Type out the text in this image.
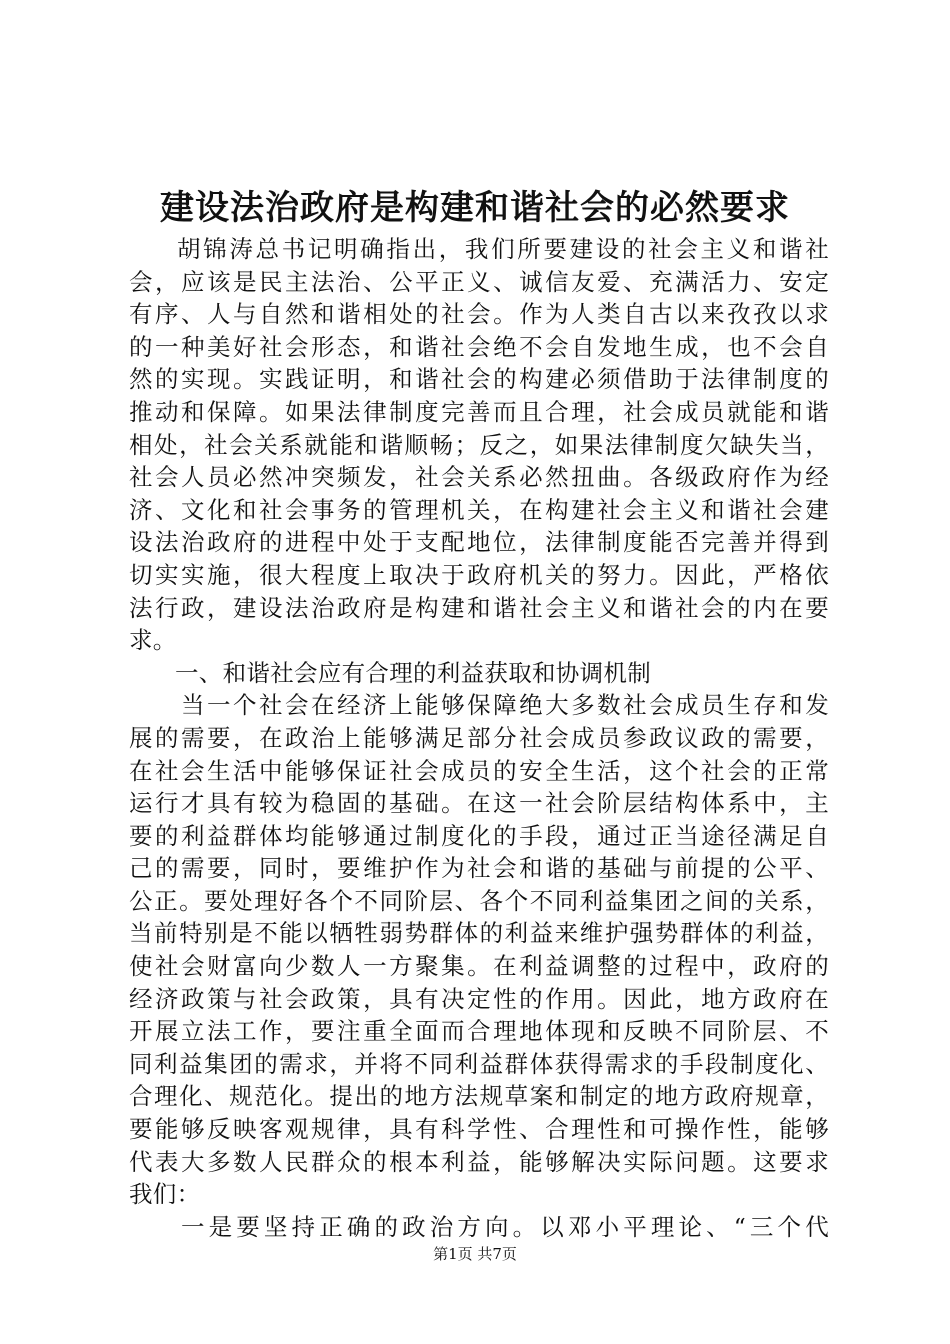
建设法治政府是构建和谐社会的必然要求
胡锦涛总书记明确指出，我们所要建设的社会主义和谐社
会，应该是民主法治、公平正义、诚信友爱、充满活力、安定
有序、人与自然和谐相处的社会。作为人类自古以来孜孜以求
的一种美好社会形态，和谐社会绝不会自发地生成，也不会自
然的实现。实践证明，和谐社会的构建必须借助于法律制度的
推动和保障。如果法律制度完善而且合理，社会成员就能和谐
相处，社会关系就能和谐顺畅；反之，如果法律制度欠缺失当，
社会人员必然冲突频发，社会关系必然扭曲。各级政府作为经
济、文化和社会事务的管理机关，在构建社会主义和谐社会建
设法治政府的进程中处于支配地位，法律制度能否完善并得到
切实实施，很大程度上取决于政府机关的努力。因此，严格依
法行政，建设法治政府是构建和谐社会主义和谐社会的内在要
求。
一、和谐社会应有合理的利益获取和协调机制
当一个社会在经济上能够保障绝大多数社会成员生存和发
展的需要，在政治上能够满足部分社会成员参政议政的需要，
在社会生活中能够保证社会成员的安全生活，这个社会的正常
运行才具有较为稳固的基础。在这一社会阶层结构体系中，主
要的利益群体均能够通过制度化的手段，通过正当途径满足自
己的需要，同时，要维护作为社会和谐的基础与前提的公平、
公正。要处理好各个不同阶层、各个不同利益集团之间的关系，
当前特别是不能以牺牲弱势群体的利益来维护强势群体的利益，
使社会财富向少数人一方聚集。在利益调整的过程中，政府的
经济政策与社会政策，具有决定性的作用。因此，地方政府在
开展立法工作，要注重全面而合理地体现和反映不同阶层、不
同利益集团的需求，并将不同利益群体获得需求的手段制度化、
合理化、规范化。提出的地方法规草案和制定的地方政府规章，
要能够反映客观规律，具有科学性、合理性和可操作性，能够
代表大多数人民群众的根本利益，能够解决实际问题。这要求
我们：
一是要坚持正确的政治方向。以邓小平理论、“三个代
第1页 共7页
